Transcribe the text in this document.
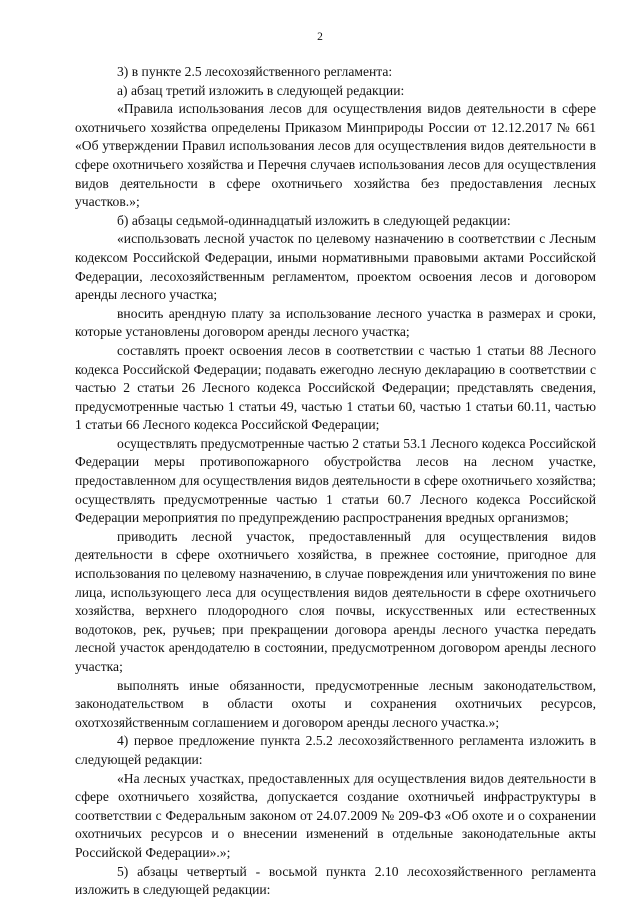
2

3) в пункте 2.5 лесохозяйственного регламента:

а) абзац третий изложить в следующей редакции:

«Правила использования лесов для осуществления видов деятельности в сфере охотничьего хозяйства определены Приказом Минприроды России от 12.12.2017 № 661 «Об утверждении Правил использования лесов для осуществления видов деятельности в сфере охотничьего хозяйства и Перечня случаев использования лесов для осуществления видов деятельности в сфере охотничьего хозяйства без предоставления лесных участков.»;

б) абзацы седьмой-одиннадцатый изложить в следующей редакции:

«использовать лесной участок по целевому назначению в соответствии с Лесным кодексом Российской Федерации, иными нормативными правовыми актами Российской Федерации, лесохозяйственным регламентом, проектом освоения лесов и договором аренды лесного участка;

вносить арендную плату за использование лесного участка в размерах и сроки, которые установлены договором аренды лесного участка;

составлять проект освоения лесов в соответствии с частью 1 статьи 88 Лесного кодекса Российской Федерации; подавать ежегодно лесную декларацию в соответствии с частью 2 статьи 26 Лесного кодекса Российской Федерации; представлять сведения, предусмотренные частью 1 статьи 49, частью 1 статьи 60, частью 1 статьи 60.11, частью 1 статьи 66 Лесного кодекса Российской Федерации;

осуществлять предусмотренные частью 2 статьи 53.1 Лесного кодекса Российской Федерации меры противопожарного обустройства лесов на лесном участке, предоставленном для осуществления видов деятельности в сфере охотничьего хозяйства; осуществлять предусмотренные частью 1 статьи 60.7 Лесного кодекса Российской Федерации мероприятия по предупреждению распространения вредных организмов;

приводить лесной участок, предоставленный для осуществления видов деятельности в сфере охотничьего хозяйства, в прежнее состояние, пригодное для использования по целевому назначению, в случае повреждения или уничтожения по вине лица, использующего леса для осуществления видов деятельности в сфере охотничьего хозяйства, верхнего плодородного слоя почвы, искусственных или естественных водотоков, рек, ручьев; при прекращении договора аренды лесного участка передать лесной участок арендодателю в состоянии, предусмотренном договором аренды лесного участка;

выполнять иные обязанности, предусмотренные лесным законодательством, законодательством в области охоты и сохранения охотничьих ресурсов, охотхозяйственным соглашением и договором аренды лесного участка.»;

4) первое предложение пункта 2.5.2 лесохозяйственного регламента изложить в следующей редакции:

«На лесных участках, предоставленных для осуществления видов деятельности в сфере охотничьего хозяйства, допускается создание охотничьей инфраструктуры в соответствии с Федеральным законом от 24.07.2009 № 209-ФЗ «Об охоте и о сохранении охотничьих ресурсов и о внесении изменений в отдельные законодательные акты Российской Федерации».»;

5) абзацы четвертый - восьмой пункта 2.10 лесохозяйственного регламента изложить в следующей редакции:
